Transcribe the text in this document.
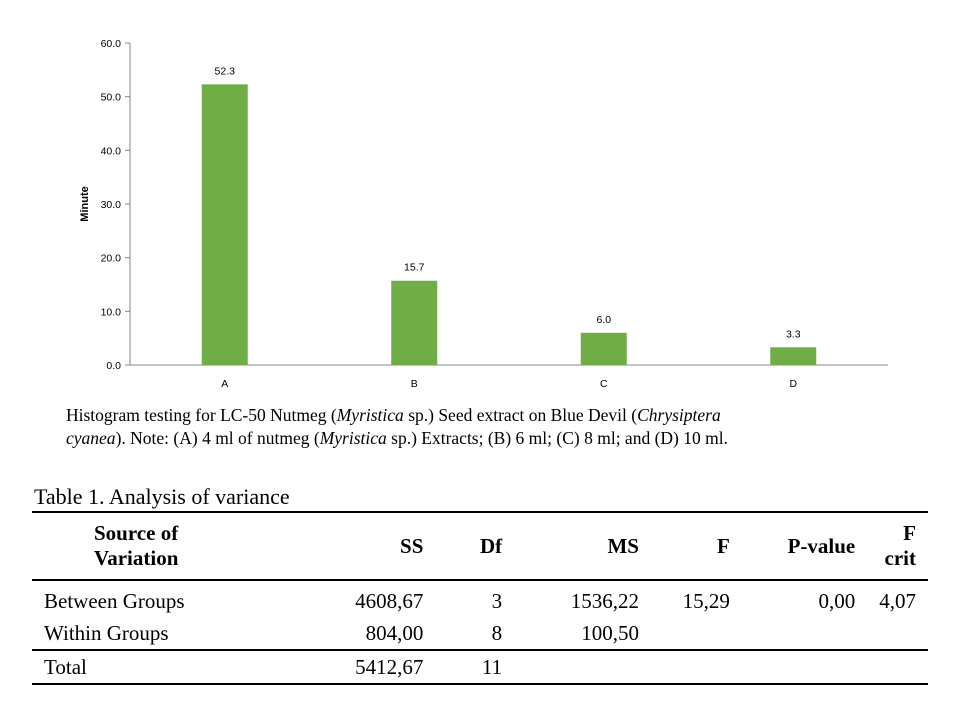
0.0
10.0
20.0
30.0
40.0
50.0
60.0
A	B	C	D
52.3
15.7
6.0
3.3
Minute
Histogram testing for LC-50 Nutmeg (Myristica sp.) Seed extract on Blue Devil (Chrysiptera
cyanea). Note: (A) 4 ml of nutmeg (Myristica sp.) Extracts; (B) 6 ml; (C) 8 ml; and (D) 10 ml.
Table 1. Analysis of variance
Source of
Variation	SS	Df	MS	F	P-value	F crit
Between Groups	4608,67	3	1536,22	15,29	0,00	4,07
Within Groups	804,00	8	100,50			
Total	5412,67	11				
